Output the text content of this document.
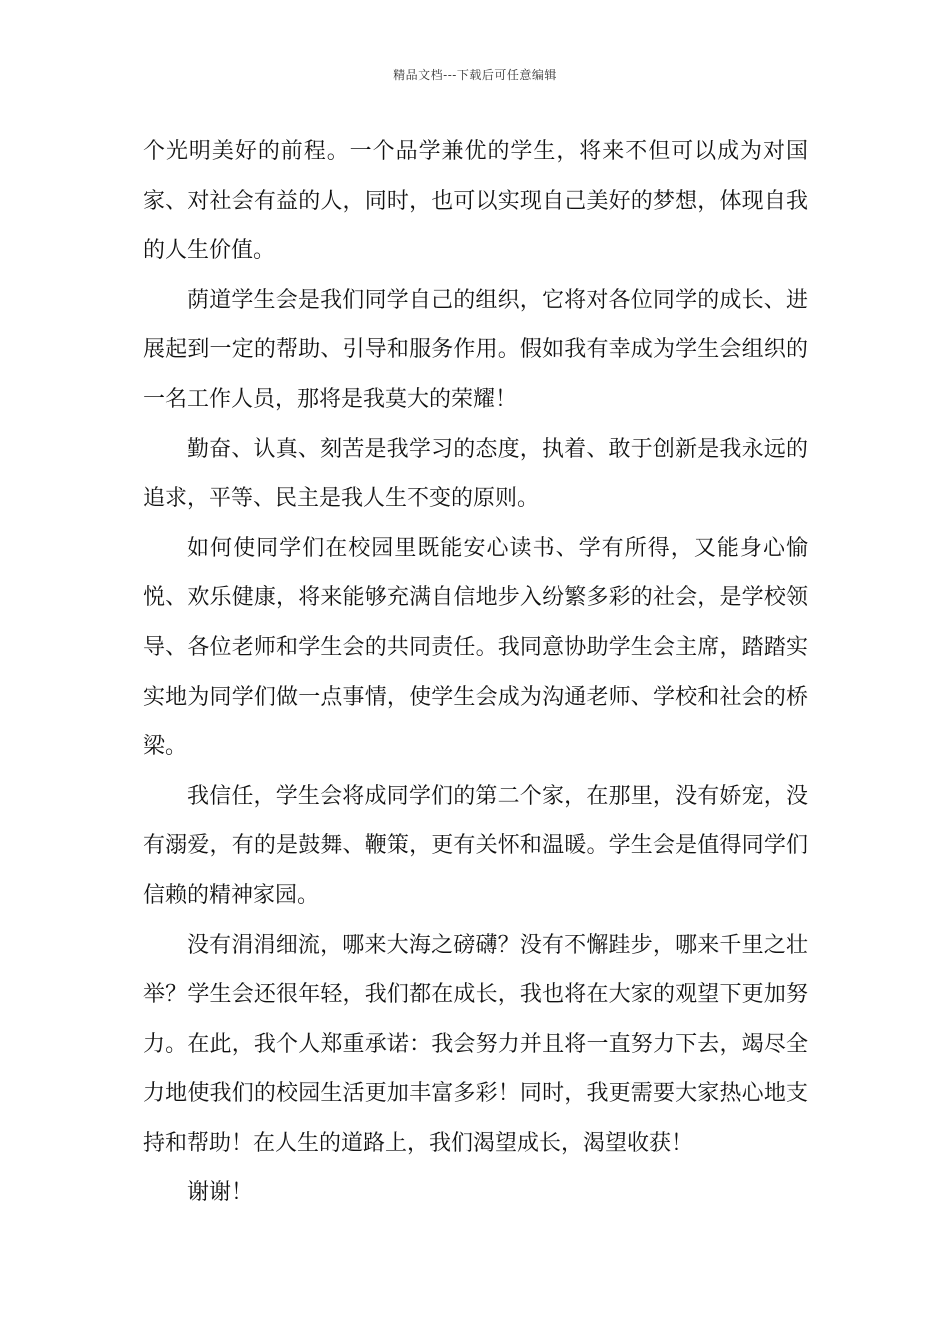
精品文档---下载后可任意编辑

个光明美好的前程。一个品学兼优的学生，将来不但可以成为对国家、对社会有益的人，同时，也可以实现自己美好的梦想，体现自我的人生价值。

荫道学生会是我们同学自己的组织，它将对各位同学的成长、进展起到一定的帮助、引导和服务作用。假如我有幸成为学生会组织的一名工作人员，那将是我莫大的荣耀！

勤奋、认真、刻苦是我学习的态度，执着、敢于创新是我永远的追求，平等、民主是我人生不变的原则。

如何使同学们在校园里既能安心读书、学有所得，又能身心愉悦、欢乐健康，将来能够充满自信地步入纷繁多彩的社会，是学校领导、各位老师和学生会的共同责任。我同意协助学生会主席，踏踏实实地为同学们做一点事情，使学生会成为沟通老师、学校和社会的桥梁。

我信任，学生会将成同学们的第二个家，在那里，没有娇宠，没有溺爱，有的是鼓舞、鞭策，更有关怀和温暖。学生会是值得同学们信赖的精神家园。

没有涓涓细流，哪来大海之磅礴？没有不懈跬步，哪来千里之壮举？学生会还很年轻，我们都在成长，我也将在大家的观望下更加努力。在此，我个人郑重承诺：我会努力并且将一直努力下去，竭尽全力地使我们的校园生活更加丰富多彩！同时，我更需要大家热心地支持和帮助！在人生的道路上，我们渴望成长，渴望收获！

谢谢！
